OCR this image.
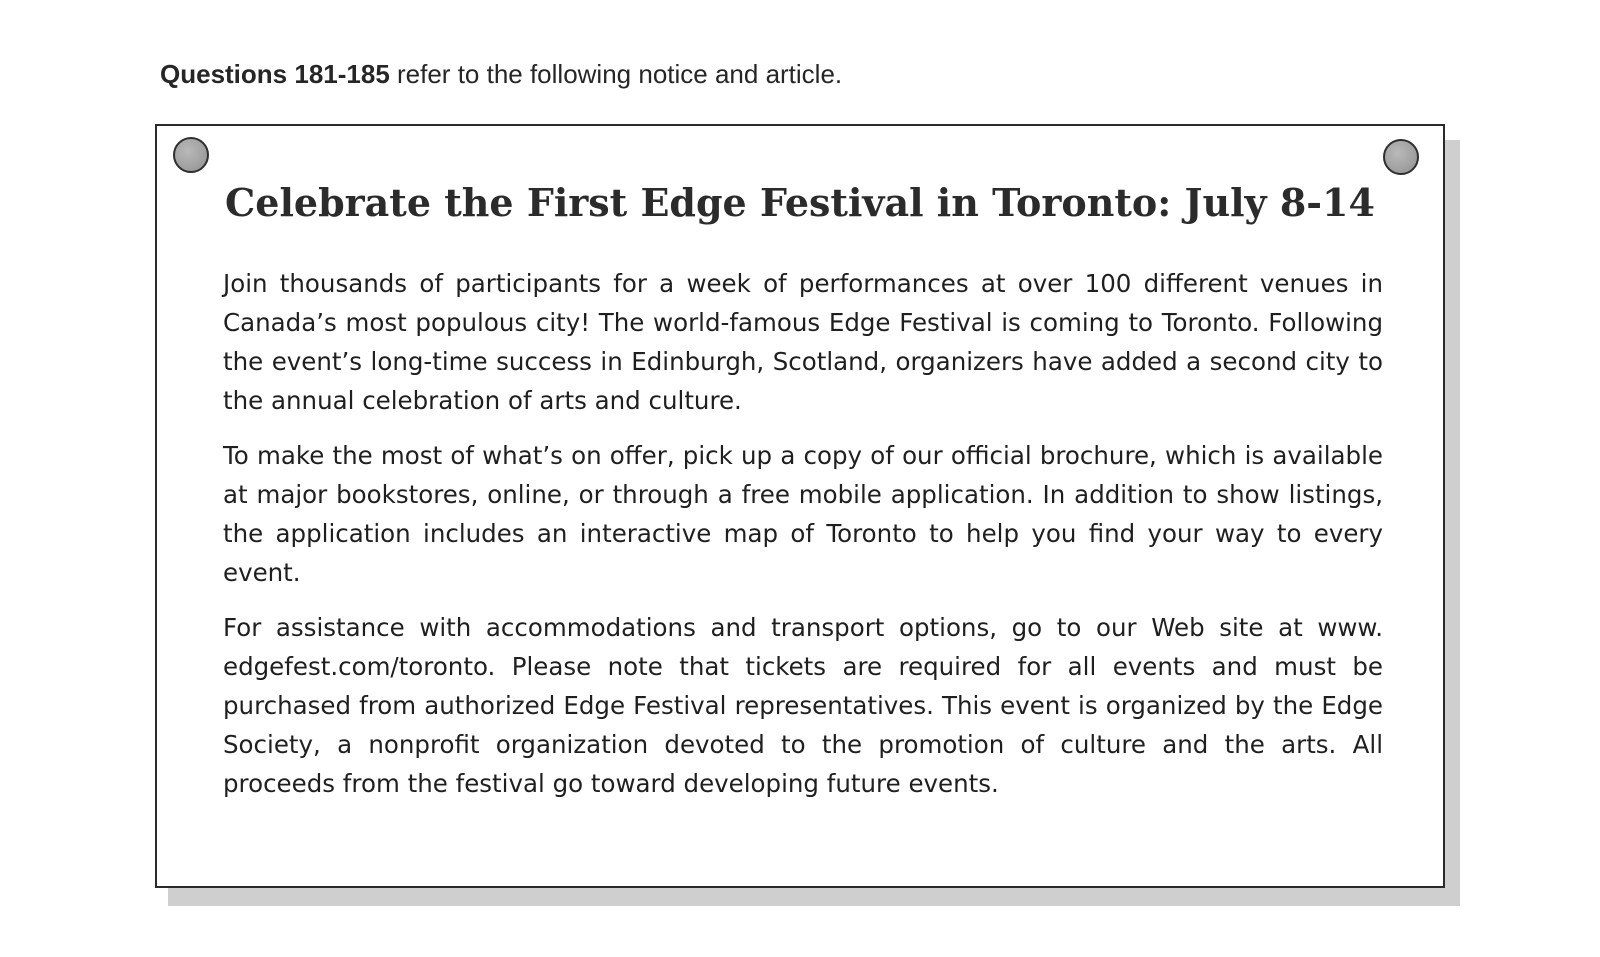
Questions 181-185 refer to the following notice and article.
Celebrate the First Edge Festival in Toronto: July 8-14

Join thousands of participants for a week of performances at over 100 different venues in Canada’s most populous city! The world-famous Edge Festival is coming to Toronto. Following the event’s long-time success in Edinburgh, Scotland, organizers have added a second city to the annual celebration of arts and culture.

To make the most of what’s on offer, pick up a copy of our official brochure, which is available at major bookstores, online, or through a free mobile application. In addition to show listings, the application includes an interactive map of Toronto to help you find your way to every event.

For assistance with accommodations and transport options, go to our Web site at www. edgefest.com/toronto. Please note that tickets are required for all events and must be purchased from authorized Edge Festival representatives. This event is organized by the Edge Society, a nonprofit organization devoted to the promotion of culture and the arts. All proceeds from the festival go toward developing future events.
